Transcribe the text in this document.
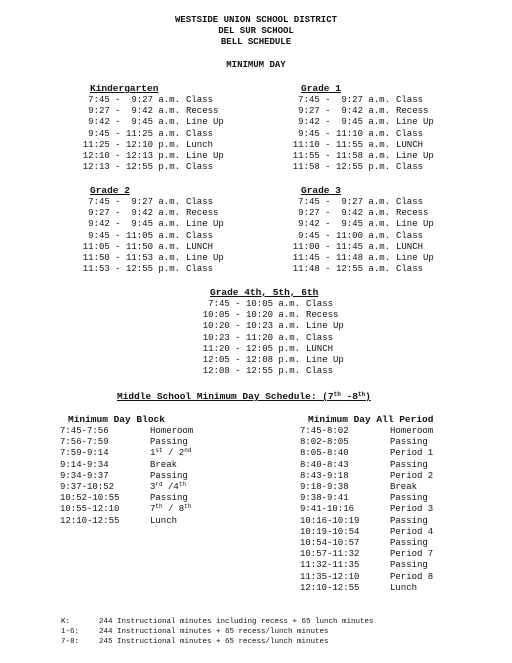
WESTSIDE UNION SCHOOL DISTRICT
DEL SUR SCHOOL
BELL SCHEDULE
MINIMUM DAY
Kindergarten
7:45 -  9:27 a.m. Class
9:27 -  9:42 a.m. Recess
9:42 -  9:45 a.m. Line Up
9:45 - 11:25 a.m. Class
11:25 - 12:10 p.m. Lunch
12:10 - 12:13 p.m. Line Up
12:13 - 12:55 p.m. Class
Grade 1
7:45 -  9:27 a.m. Class
9:27 -  9:42 a.m. Recess
9:42 -  9:45 a.m. Line Up
9:45 - 11:10 a.m. Class
11:10 - 11:55 a.m. LUNCH
11:55 - 11:58 a.m. Line Up
11:58 - 12:55 p.m. Class
Grade 2
7:45 -  9:27 a.m. Class
9:27 -  9:42 a.m. Recess
9:42 -  9:45 a.m. Line Up
9:45 - 11:05 a.m. Class
11:05 - 11:50 a.m. LUNCH
11:50 - 11:53 a.m. Line Up
11:53 - 12:55 p.m. Class
Grade 3
7:45 -  9:27 a.m. Class
9:27 -  9:42 a.m. Recess
9:42 -  9:45 a.m. Line Up
9:45 - 11:00 a.m. Class
11:00 - 11:45 a.m. LUNCH
11:45 - 11:48 a.m. Line Up
11:48 - 12:55 a.m. Class
Grade 4th, 5th, 6th
7:45 - 10:05 a.m. Class
10:05 - 10:20 a.m. Recess
10:20 - 10:23 a.m. Line Up
10:23 - 11:20 a.m. Class
11:20 - 12:05 p.m. LUNCH
12:05 - 12:08 p.m. Line Up
12:08 - 12:55 p.m. Class
Middle School Minimum Day Schedule: (7th -8th)
Minimum Day Block
7:45-7:56	Homeroom
7:56-7:59	Passing
7:59-9:14	1st / 2nd
9:14-9:34	Break
9:34-9:37	Passing
9:37-10:52	3rd /4th
10:52-10:55	Passing
10:55-12:10	7th / 8th
12:10-12:55	Lunch
Minimum Day All Period
7:45-8:02	Homeroom
8:02-8:05	Passing
8:05-8:40	Period 1
8:40-8:43	Passing
8:43-9:18	Period 2
9:18-9:38	Break
9:38-9:41	Passing
9:41-10:16	Period 3
10:16-10:19	Passing
10:19-10:54	Period 4
10:54-10:57	Passing
10:57-11:32	Period 7
11:32-11:35	Passing
11:35-12:10	Period 8
12:10-12:55	Lunch
K:	244 Instructional minutes including recess + 65 lunch minutes
1-6:	244 Instructional minutes + 65 recess/lunch minutes
7-8:	245 Instructional minutes + 65 recess/lunch minutes
